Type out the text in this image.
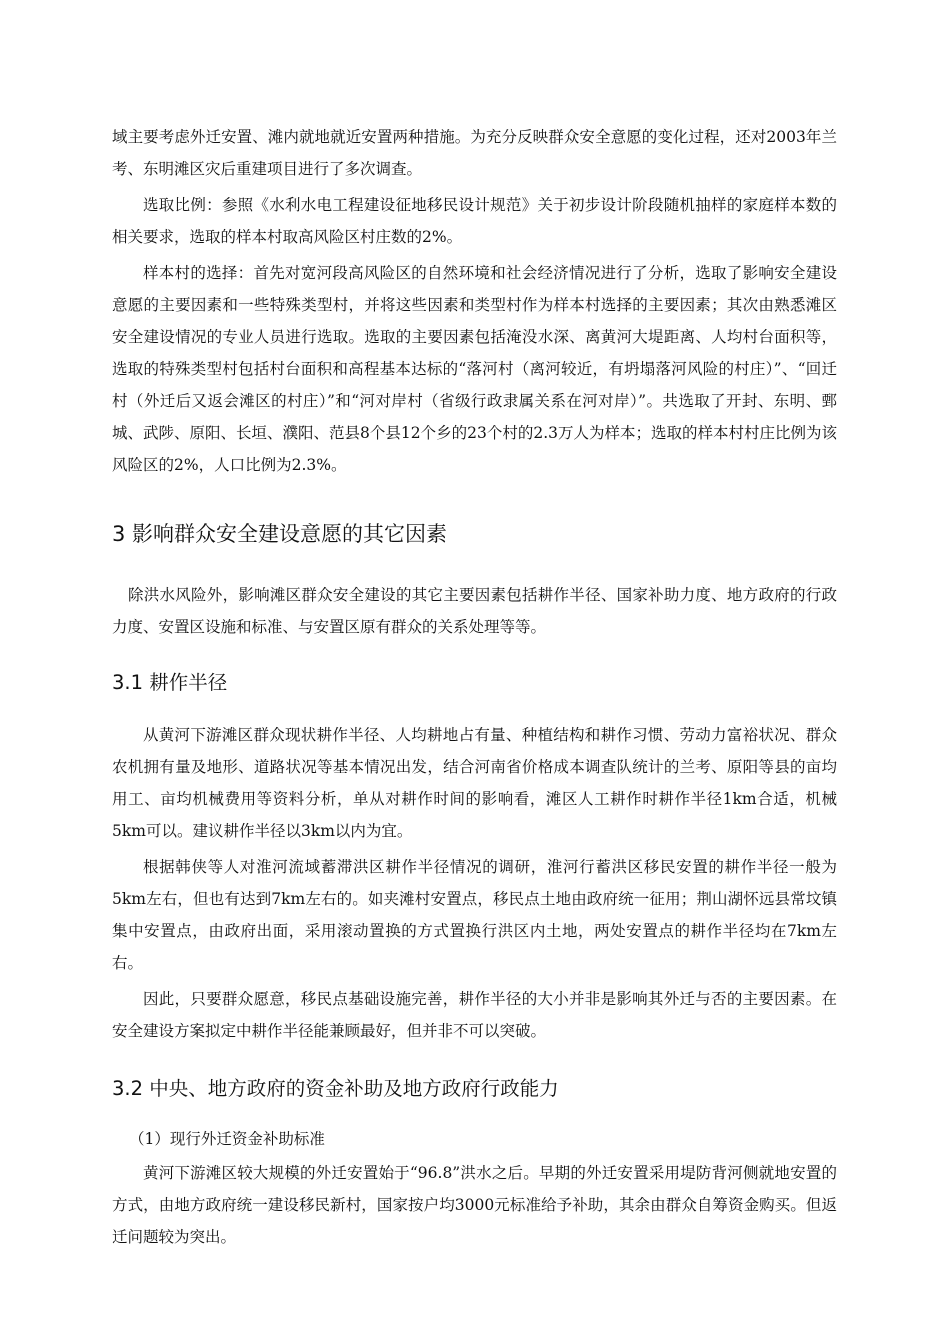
域主要考虑外迁安置、滩内就地就近安置两种措施。为充分反映群众安全意愿的变化过程，还对2003年兰考、东明滩区灾后重建项目进行了多次调查。

选取比例：参照《水利水电工程建设征地移民设计规范》关于初步设计阶段随机抽样的家庭样本数的相关要求，选取的样本村取高风险区村庄数的2%。

样本村的选择：首先对宽河段高风险区的自然环境和社会经济情况进行了分析，选取了影响安全建设意愿的主要因素和一些特殊类型村，并将这些因素和类型村作为样本村选择的主要因素；其次由熟悉滩区安全建设情况的专业人员进行选取。选取的主要因素包括淹没水深、离黄河大堤距离、人均村台面积等，选取的特殊类型村包括村台面积和高程基本达标的“落河村（离河较近，有坍塌落河风险的村庄）”、“回迁村（外迁后又返会滩区的村庄）”和“河对岸村（省级行政隶属关系在河对岸）”。共选取了开封、东明、鄄城、武陟、原阳、长垣、濮阳、范县8个县12个乡的23个村的2.3万人为样本；选取的样本村村庄比例为该风险区的2%，人口比例为2.3%。

3 影响群众安全建设意愿的其它因素

除洪水风险外，影响滩区群众安全建设的其它主要因素包括耕作半径、国家补助力度、地方政府的行政力度、安置区设施和标准、与安置区原有群众的关系处理等等。

3.1 耕作半径

从黄河下游滩区群众现状耕作半径、人均耕地占有量、种植结构和耕作习惯、劳动力富裕状况、群众农机拥有量及地形、道路状况等基本情况出发，结合河南省价格成本调查队统计的兰考、原阳等县的亩均用工、亩均机械费用等资料分析，单从对耕作时间的影响看，滩区人工耕作时耕作半径1km合适，机械5km可以。建议耕作半径以3km以内为宜。

根据韩侠等人对淮河流域蓄滞洪区耕作半径情况的调研，淮河行蓄洪区移民安置的耕作半径一般为5km左右，但也有达到7km左右的。如夹滩村安置点，移民点土地由政府统一征用；荆山湖怀远县常坟镇集中安置点，由政府出面，采用滚动置换的方式置换行洪区内土地，两处安置点的耕作半径均在7km左右。

因此，只要群众愿意，移民点基础设施完善，耕作半径的大小并非是影响其外迁与否的主要因素。在安全建设方案拟定中耕作半径能兼顾最好，但并非不可以突破。

3.2 中央、地方政府的资金补助及地方政府行政能力

（1）现行外迁资金补助标准

黄河下游滩区较大规模的外迁安置始于“96.8”洪水之后。早期的外迁安置采用堤防背河侧就地安置的方式，由地方政府统一建设移民新村，国家按户均3000元标准给予补助，其余由群众自筹资金购买。但返迁问题较为突出。
